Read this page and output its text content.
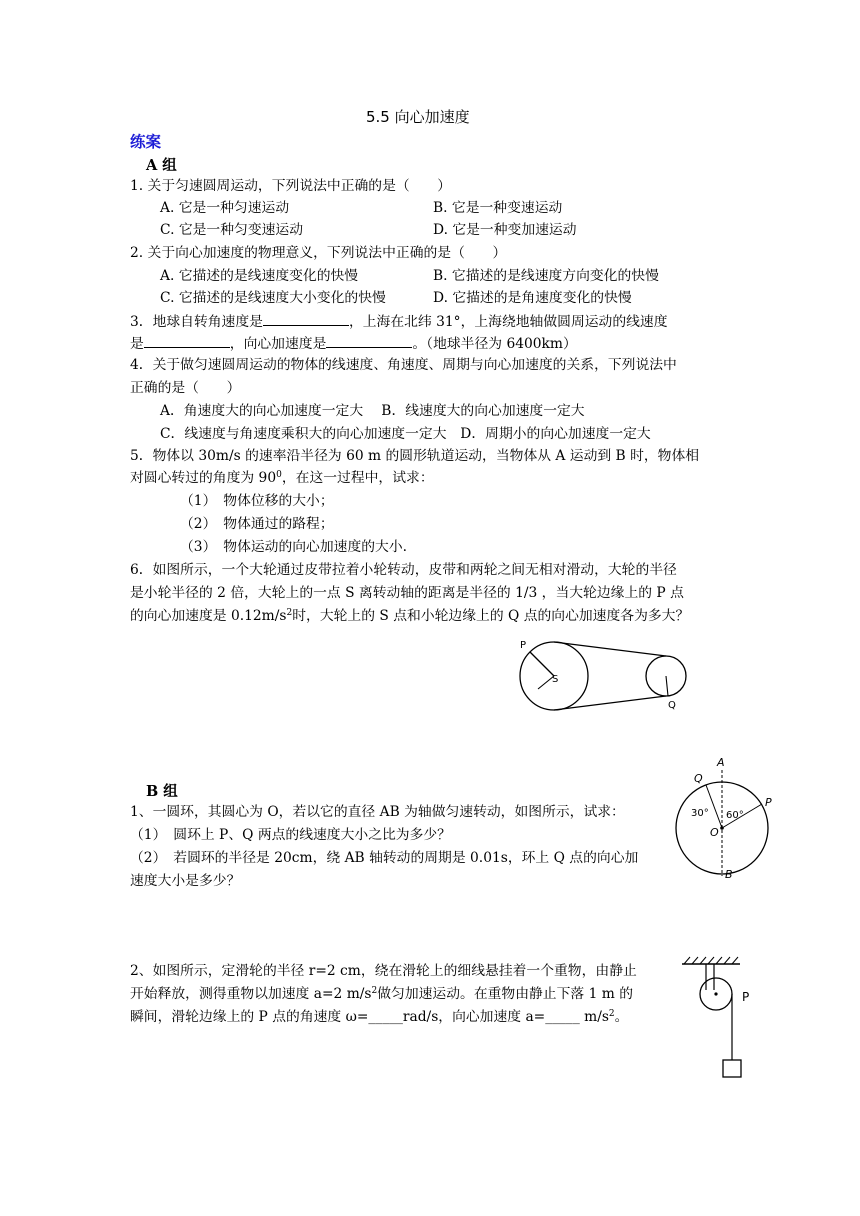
5.5 向心加速度
练案
A 组
1. 关于匀速圆周运动，下列说法中正确的是（　　）
A. 它是一种匀速运动	B. 它是一种变速运动
C. 它是一种匀变速运动	D. 它是一种变加速运动
2. 关于向心加速度的物理意义，下列说法中正确的是（　　）
A. 它描述的是线速度变化的快慢	B. 它描述的是线速度方向变化的快慢
C. 它描述的是线速度大小变化的快慢	D. 它描述的是角速度变化的快慢
3．地球自转角速度是	，上海在北纬 31°，上海绕地轴做圆周运动的线速度
是	，向心加速度是	。（地球半径为 6400km）
4．关于做匀速圆周运动的物体的线速度、角速度、周期与向心加速度的关系，下列说法中
正确的是（　　）
A．角速度大的向心加速度一定大　 B．线速度大的向心加速度一定大
C．线速度与角速度乘积大的向心加速度一定大　D．周期小的向心加速度一定大
5．物体以 30m/s 的速率沿半径为 60 m 的圆形轨道运动，当物体从 A 运动到 B 时，物体相
对圆心转过的角度为 $90^0$，在这一过程中，试求：
（1）　物体位移的大小；
（2）　物体通过的路程；
（3）　物体运动的向心加速度的大小.
6．如图所示，一个大轮通过皮带拉着小轮转动，皮带和两轮之间无相对滑动，大轮的半径
是小轮半径的 2 倍，大轮上的一点 S 离转动轴的距离是半径的 1/3 ，当大轮边缘上的 P 点
的向心加速度是 $0.12m/s^2$时，大轮上的 S 点和小轮边缘上的 Q 点的向心加速度各为多大？
P
S
Q
B 组
1、一圆环，其圆心为 O，若以它的直径 AB 为轴做匀速转动，如图所示，试求：
（1）　圆环上 P、Q 两点的线速度大小之比为多少？
（2）　若圆环的半径是 20cm，绕 AB 轴转动的周期是 0.01s，环上 Q 点的向心加
速度大小是多少？
Q
A
P
O
B
30° 60°
2、如图所示，定滑轮的半径 r=2 cm，绕在滑轮上的细线悬挂着一个重物，由静止
开始释放，测得重物以加速度 a=2 $m/s^2$做匀加速运动。在重物由静止下落 1 m 的
瞬间，滑轮边缘上的 P 点的角速度 ω=_____rad/s，向心加速度 a=_____ $m/s^2$。
P
